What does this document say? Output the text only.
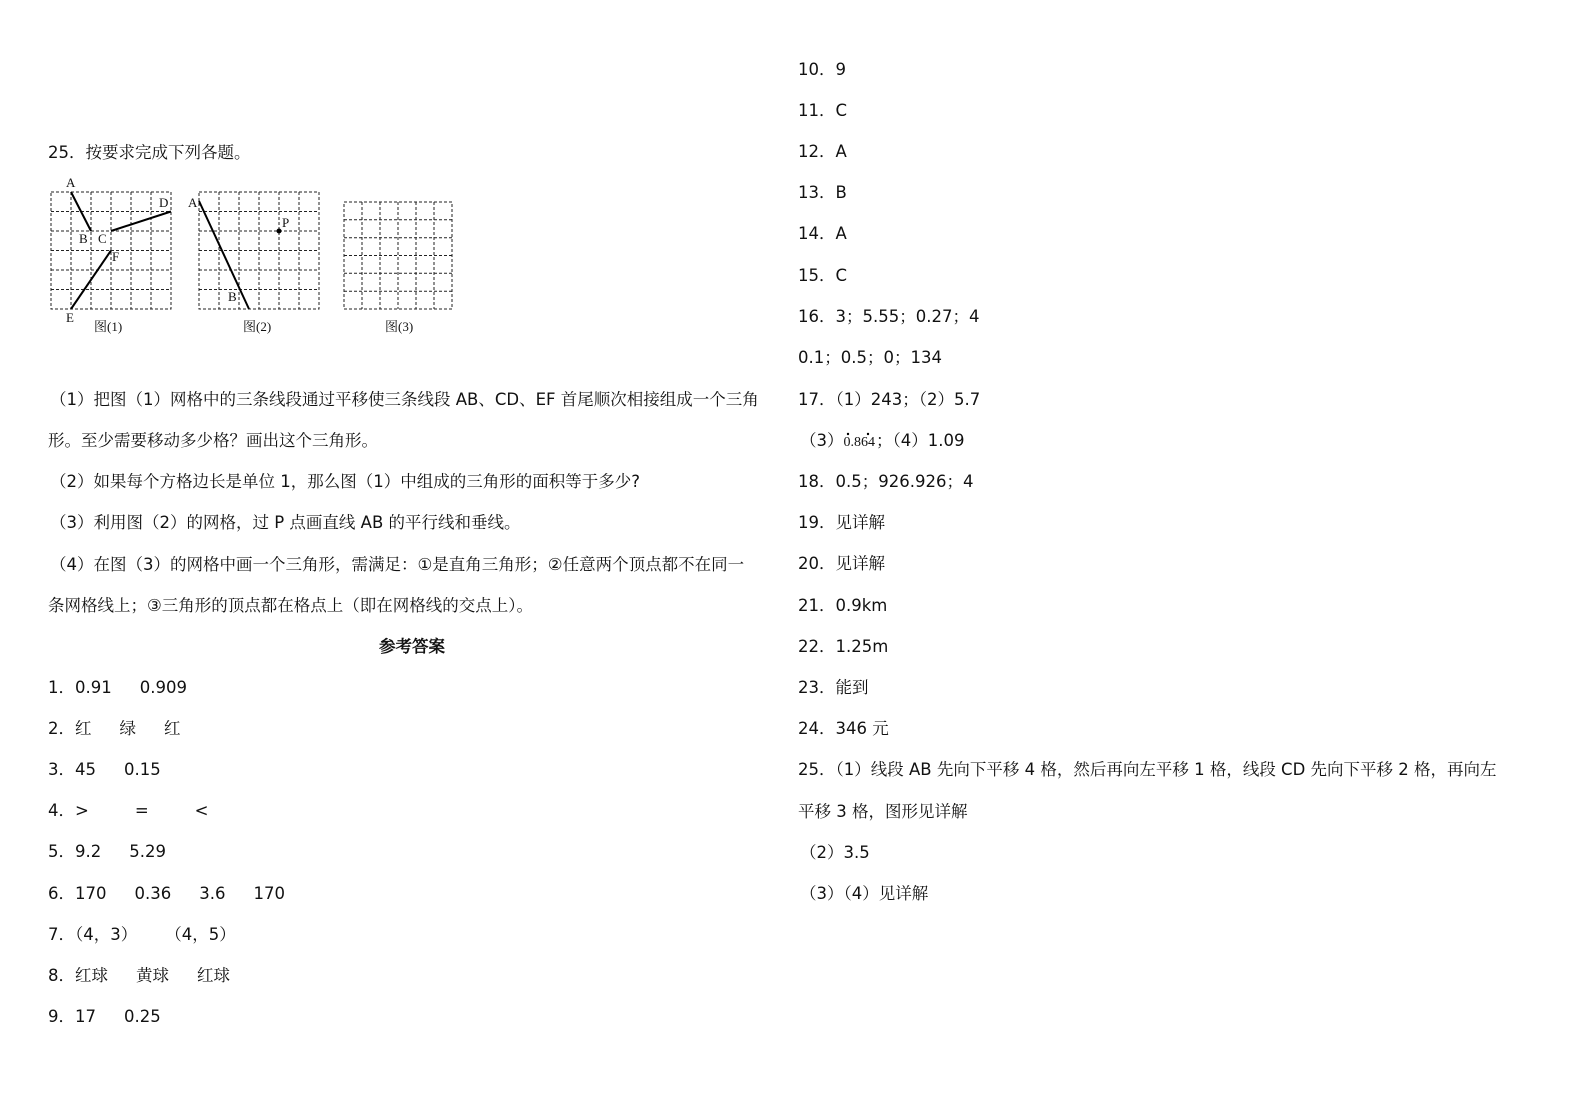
25．按要求完成下列各题。
A
B C
D
E
F
图(1)
A
B
P
图(2)	图(3)
（1）把图（1）网格中的三条线段通过平移使三条线段 AB、CD、EF 首尾顺次相接组成一个三角
形。至少需要移动多少格？画出这个三角形。
（2）如果每个方格边长是单位 1，那么图（1）中组成的三角形的面积等于多少?
（3）利用图（2）的网格，过 P 点画直线 AB 的平行线和垂线。
（4）在图（3）的网格中画一个三角形，需满足：①是直角三角形；②任意两个顶点都不在同一
条网格线上；③三角形的顶点都在格点上（即在网格线的交点上）。
参考答案
1．0.91 0.909
2．红 绿 红
3．45 0.15
4．>	=	<
5．9.2 5.29
6．170 0.36 3.6 170
7．（4，3） （4，5）
8．红球 黄球 红球
9．17 0.25
10．9
11．C
12．A
13．B
14．A
15．C
16．3；5.55；0.27；4
0.1；0.5；0；134
17．（1）243；（2）5.7
（3）0.864；（4）1.09
18．0.5；926.926；4
19．见详解
20．见详解
21．0.9km
22．1.25m
23．能到
24．346 元
25．（1）线段 AB 先向下平移 4 格，然后再向左平移 1 格，线段 CD 先向下平移 2 格，再向左
平移 3 格，图形见详解
（2）3.5
（3）（4）见详解
